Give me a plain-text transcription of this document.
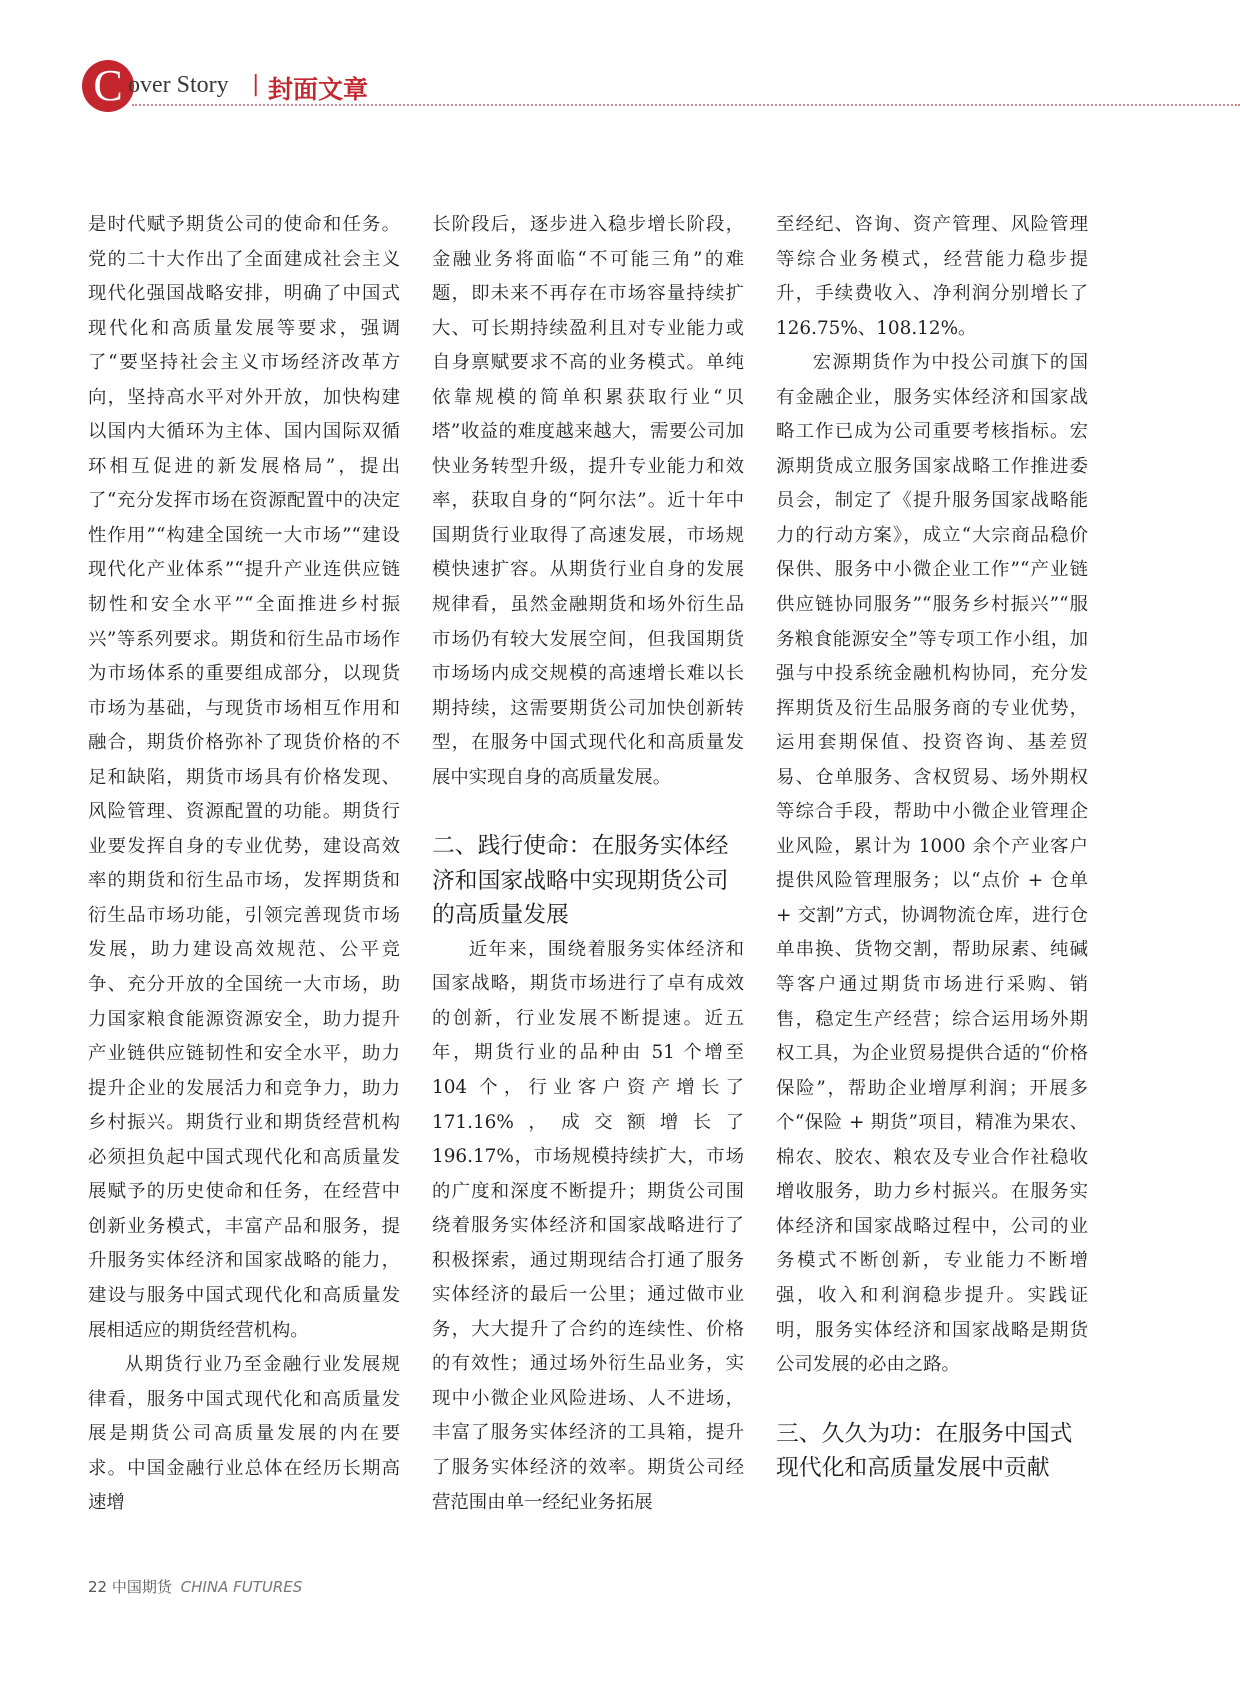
C over Story | 封面文章

是时代赋予期货公司的使命和任务。党的二十大作出了全面建成社会主义现代化强国战略安排，明确了中国式现代化和高质量发展等要求，强调了“要坚持社会主义市场经济改革方向，坚持高水平对外开放，加快构建以国内大循环为主体、国内国际双循环相互促进的新发展格局”，提出了“充分发挥市场在资源配置中的决定性作用”“构建全国统一大市场”“建设现代化产业体系”“提升产业连供应链韧性和安全水平”“全面推进乡村振兴”等系列要求。期货和衍生品市场作为市场体系的重要组成部分，以现货市场为基础，与现货市场相互作用和融合，期货价格弥补了现货价格的不足和缺陷，期货市场具有价格发现、风险管理、资源配置的功能。期货行业要发挥自身的专业优势，建设高效率的期货和衍生品市场，发挥期货和衍生品市场功能，引领完善现货市场发展，助力建设高效规范、公平竞争、充分开放的全国统一大市场，助力国家粮食能源资源安全，助力提升产业链供应链韧性和安全水平，助力提升企业的发展活力和竞争力，助力乡村振兴。期货行业和期货经营机构必须担负起中国式现代化和高质量发展赋予的历史使命和任务，在经营中创新业务模式，丰富产品和服务，提升服务实体经济和国家战略的能力，建设与服务中国式现代化和高质量发展相适应的期货经营机构。

从期货行业乃至金融行业发展规律看，服务中国式现代化和高质量发展是期货公司高质量发展的内在要求。中国金融行业总体在经历长期高速增

长阶段后，逐步进入稳步增长阶段，金融业务将面临“不可能三角”的难题，即未来不再存在市场容量持续扩大、可长期持续盈利且对专业能力或自身禀赋要求不高的业务模式。单纯依靠规模的简单积累获取行业“贝塔”收益的难度越来越大，需要公司加快业务转型升级，提升专业能力和效率，获取自身的“阿尔法”。近十年中国期货行业取得了高速发展，市场规模快速扩容。从期货行业自身的发展规律看，虽然金融期货和场外衍生品市场仍有较大发展空间，但我国期货市场场内成交规模的高速增长难以长期持续，这需要期货公司加快创新转型，在服务中国式现代化和高质量发展中实现自身的高质量发展。

二、践行使命：在服务实体经济和国家战略中实现期货公司的高质量发展

近年来，围绕着服务实体经济和国家战略，期货市场进行了卓有成效的创新，行业发展不断提速。近五年，期货行业的品种由 51 个增至 104 个，行业客户资产增长了 171.16%，成交额增长了 196.17%，市场规模持续扩大，市场的广度和深度不断提升；期货公司围绕着服务实体经济和国家战略进行了积极探索，通过期现结合打通了服务实体经济的最后一公里；通过做市业务，大大提升了合约的连续性、价格的有效性；通过场外衍生品业务，实现中小微企业风险进场、人不进场，丰富了服务实体经济的工具箱，提升了服务实体经济的效率。期货公司经营范围由单一经纪业务拓展

至经纪、咨询、资产管理、风险管理等综合业务模式，经营能力稳步提升，手续费收入、净利润分别增长了 126.75%、108.12%。

宏源期货作为中投公司旗下的国有金融企业，服务实体经济和国家战略工作已成为公司重要考核指标。宏源期货成立服务国家战略工作推进委员会，制定了《提升服务国家战略能力的行动方案》，成立“大宗商品稳价保供、服务中小微企业工作”“产业链供应链协同服务”“服务乡村振兴”“服务粮食能源安全”等专项工作小组，加强与中投系统金融机构协同，充分发挥期货及衍生品服务商的专业优势，运用套期保值、投资咨询、基差贸易、仓单服务、含权贸易、场外期权等综合手段，帮助中小微企业管理企业风险，累计为 1000 余个产业客户提供风险管理服务；以“点价 + 仓单 + 交割”方式，协调物流仓库，进行仓单串换、货物交割，帮助尿素、纯碱等客户通过期货市场进行采购、销售，稳定生产经营；综合运用场外期权工具，为企业贸易提供合适的“价格保险”，帮助企业增厚利润；开展多个“保险 + 期货”项目，精准为果农、棉农、胶农、粮农及专业合作社稳收增收服务，助力乡村振兴。在服务实体经济和国家战略过程中，公司的业务模式不断创新，专业能力不断增强，收入和利润稳步提升。实践证明，服务实体经济和国家战略是期货公司发展的必由之路。

三、久久为功：在服务中国式现代化和高质量发展中贡献

22 中国期货 CHINA FUTURES
